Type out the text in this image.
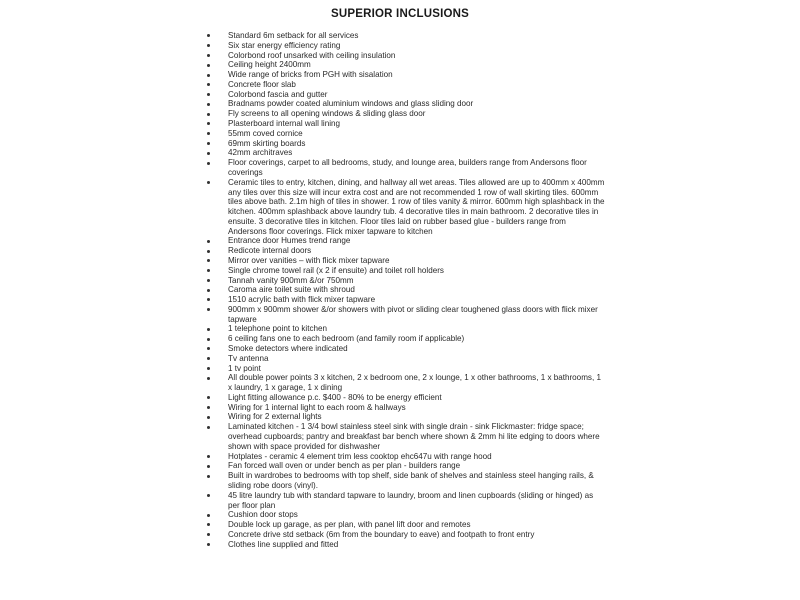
SUPERIOR INCLUSIONS
Standard 6m setback for all services
Six star energy efficiency rating
Colorbond roof unsarked with ceiling insulation
Ceiling height 2400mm
Wide range of bricks from PGH with sisalation
Concrete floor slab
Colorbond fascia and gutter
Bradnams powder coated aluminium windows and glass sliding door
Fly screens to all opening windows & sliding glass door
Plasterboard internal wall lining
55mm coved cornice
69mm skirting boards
42mm architraves
Floor coverings, carpet to all bedrooms, study, and lounge area, builders range from Andersons floor coverings
Ceramic tiles to entry, kitchen, dining, and hallway all wet areas. Tiles allowed are up to 400mm x 400mm any tiles over this size will incur extra cost and are not recommended 1 row of wall skirting tiles. 600mm tiles above bath. 2.1m high of tiles in shower. 1 row of tiles vanity & mirror. 600mm high splashback in the kitchen. 400mm splashback above laundry tub. 4 decorative tiles in main bathroom. 2 decorative tiles in ensuite. 3 decorative tiles in kitchen. Floor tiles laid on rubber based glue - builders range from Andersons floor coverings. Flick mixer tapware to kitchen
Entrance door Humes trend range
Redicote internal doors
Mirror over vanities – with flick mixer tapware
Single chrome towel rail (x 2 if ensuite) and toilet roll holders
Tannah vanity 900mm &/or 750mm
Caroma aire toilet suite with shroud
1510 acrylic bath with flick mixer tapware
900mm x 900mm shower &/or showers with pivot or sliding clear toughened glass doors with flick mixer tapware
1 telephone point to kitchen
6 ceiling fans one to each bedroom (and family room if applicable)
Smoke detectors where indicated
Tv antenna
1 tv point
All double power points 3 x kitchen, 2 x bedroom one, 2 x lounge, 1 x other bathrooms, 1 x bathrooms, 1 x laundry, 1 x garage, 1 x dining
Light fitting allowance p.c. $400 - 80% to be energy efficient
Wiring for 1 internal light to each room & hallways
Wiring for 2 external lights
Laminated kitchen - 1 3/4 bowl stainless steel sink with single drain - sink Flickmaster: fridge space; overhead cupboards; pantry and breakfast bar bench where shown & 2mm hi lite edging to doors where shown with space provided for dishwasher
Hotplates - ceramic 4 element trim less cooktop ehc647u with range hood
Fan forced wall oven or under bench as per plan - builders range
Built in wardrobes to bedrooms with top shelf, side bank of shelves and stainless steel hanging rails, & sliding robe doors (vinyl).
45 litre laundry tub with standard tapware to laundry, broom and linen cupboards (sliding or hinged) as per floor plan
Cushion door stops
Double lock up garage, as per plan, with panel lift door and remotes
Concrete drive std setback (6m from the boundary to eave) and footpath to front entry
Clothes line supplied and fitted
